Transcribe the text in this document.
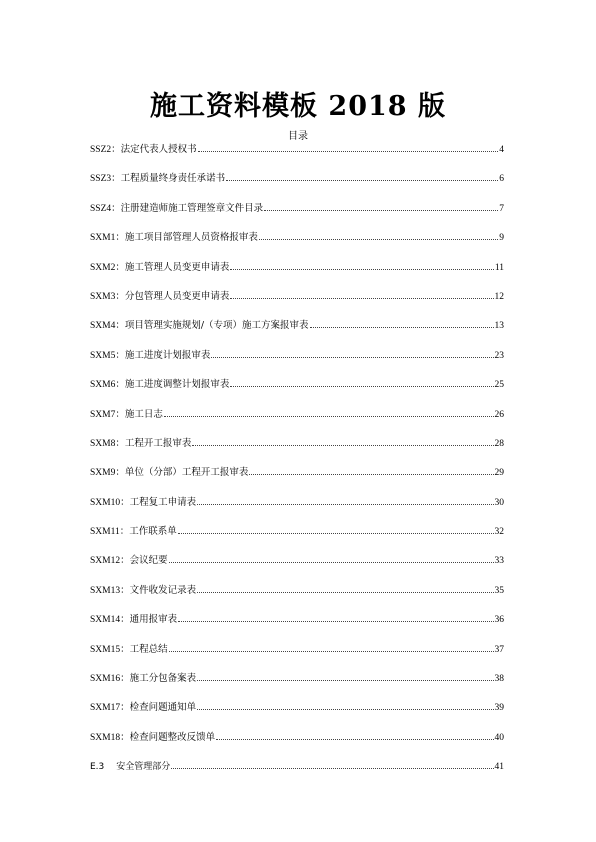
施工资料模板 2018 版
目录
SSZ2 ： 法定代表人授权书	4
SSZ3 ： 工程质量终身责任承诺书	6
SSZ4 ： 注册建造师施工管理签章文件目录	7
SXM1 ： 施工项目部管理人员资格报审表	9
SXM2 ： 施工管理人员变更申请表	11
SXM3 ： 分包管理人员变更申请表	12
SXM4 ： 项目管理实施规划/（专项）施工方案报审表	13
SXM5 ： 施工进度计划报审表	23
SXM6 ： 施工进度调整计划报审表	25
SXM7 ： 施工日志	26
SXM8 ： 工程开工报审表	28
SXM9 ： 单位（分部）工程开工报审表	29
SXM10 ： 工程复工申请表	30
SXM11 ： 工作联系单	32
SXM12 ： 会议纪要	33
SXM13 ： 文件收发记录表	35
SXM14 ： 通用报审表	36
SXM15 ： 工程总结	37
SXM16 ： 施工分包备案表	38
SXM17 ： 检查问题通知单	39
SXM18 ： 检查问题整改反馈单	40
E.3 安全管理部分	41
